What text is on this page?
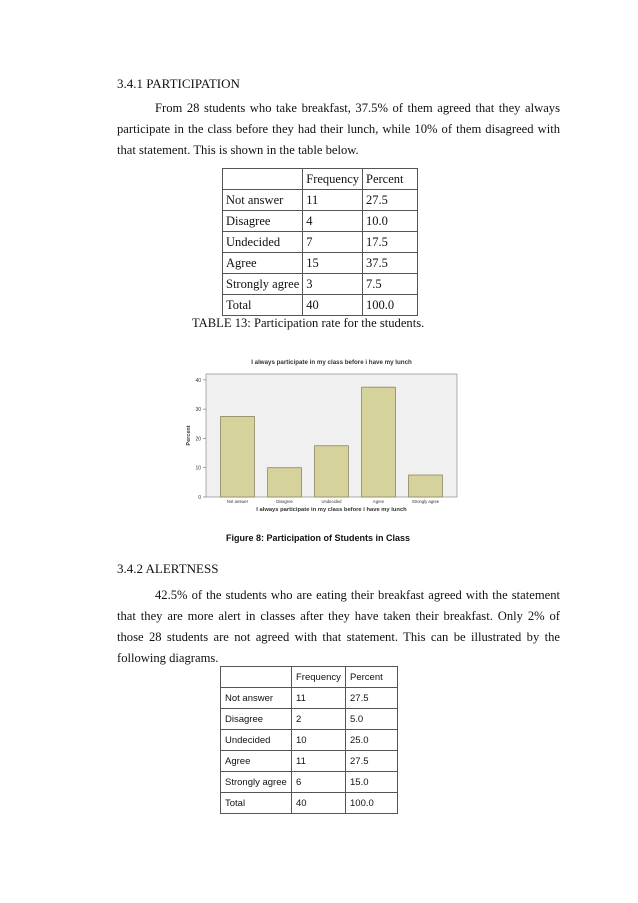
3.4.1 PARTICIPATION
From 28 students who take breakfast, 37.5% of them agreed that they always participate in the class before they had their lunch, while 10% of them disagreed with that statement. This is shown in the table below.
	Frequency	Percent
Not answer	11	27.5
Disagree	4	10.0
Undecided	7	17.5
Agree	15	37.5
Strongly agree	3	7.5
Total	40	100.0
TABLE 13: Participation rate for the students.
I always participate in my class before i have my lunch
0
10
20
30
40
Percent
Not answer	Disagree	Undecided	Agree	Strongly agree
I always participate in my class before i have my lunch
Figure 8: Participation of Students in Class
3.4.2 ALERTNESS
42.5% of the students who are eating their breakfast agreed with the statement that they are more alert in classes after they have taken their breakfast. Only 2% of those 28 students are not agreed with that statement. This can be illustrated by the following diagrams.
	Frequency	Percent
Not answer	11	27.5
Disagree	2	5.0
Undecided	10	25.0
Agree	11	27.5
Strongly agree	6	15.0
Total	40	100.0
